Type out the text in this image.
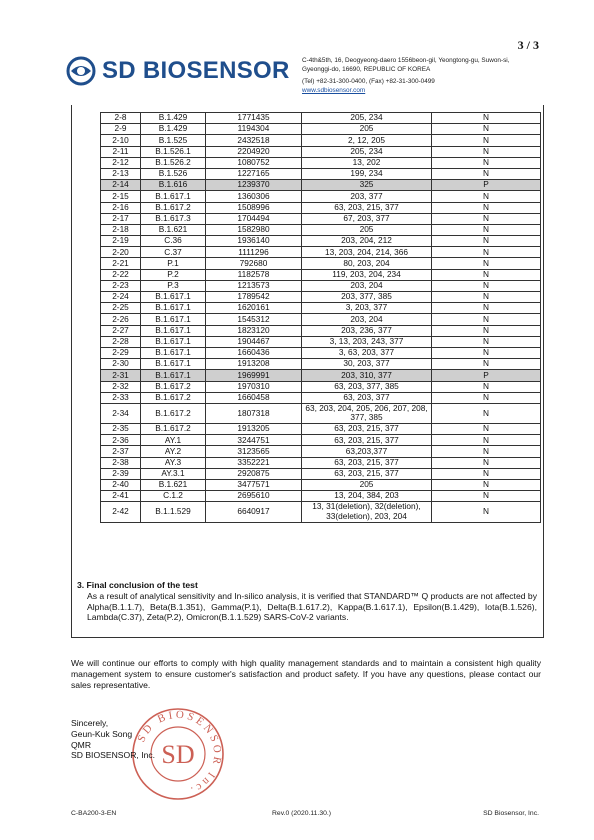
3 / 3
SD BIOSENSOR C-4th&5th, 16, Deogyeong-daero 1556beon-gil, Yeongtong-gu, Suwon-si,
Gyeonggi-do, 16690, REPUBLIC OF KOREA
(Tel) +82-31-300-0400, (Fax) +82-31-300-0499
www.sdbiosensor.com
2-8	B.1.429	1771435	205, 234	N
2-9	B.1.429	1194304	205	N
2-10	B.1.525	2432518	2, 12, 205	N
2-11	B.1.526.1	2204920	205, 234	N
2-12	B.1.526.2	1080752	13, 202	N
2-13	B.1.526	1227165	199, 234	N
2-14	B.1.616	1239370	325	P
2-15	B.1.617.1	1360306	203, 377	N
2-16	B.1.617.2	1508996	63, 203, 215, 377	N
2-17	B.1.617.3	1704494	67, 203, 377	N
2-18	B.1.621	1582980	205	N
2-19	C.36	1936140	203, 204, 212	N
2-20	C.37	1111296	13, 203, 204, 214, 366	N
2-21	P.1	792680	80, 203, 204	N
2-22	P.2	1182578	119, 203, 204, 234	N
2-23	P.3	1213573	203, 204	N
2-24	B.1.617.1	1789542	203, 377, 385	N
2-25	B.1.617.1	1620161	3, 203, 377	N
2-26	B.1.617.1	1545312	203, 204	N
2-27	B.1.617.1	1823120	203, 236, 377	N
2-28	B.1.617.1	1904467	3, 13, 203, 243, 377	N
2-29	B.1.617.1	1660436	3, 63, 203, 377	N
2-30	B.1.617.1	1913208	30, 203, 377	N
2-31	B.1.617.1	1969991	203, 310, 377	P
2-32	B.1.617.2	1970310	63, 203, 377, 385	N
2-33	B.1.617.2	1660458	63, 203, 377	N
2-34	B.1.617.2	1807318	63, 203, 204, 205, 206, 207, 208, 377, 385	N
2-35	B.1.617.2	1913205	63, 203, 215, 377	N
2-36	AY.1	3244751	63, 203, 215, 377	N
2-37	AY.2	3123565	63,203,377	N
2-38	AY.3	3352221	63, 203, 215, 377	N
2-39	AY.3.1	2920875	63, 203, 215, 377	N
2-40	B.1.621	3477571	205	N
2-41	C.1.2	2695610	13, 204, 384, 203	N
2-42	B.1.1.529	6640917	13, 31(deletion), 32(deletion), 33(deletion), 203, 204	N
3. Final conclusion of the test
As a result of analytical sensitivity and In-silico analysis, it is verified that STANDARD™ Q products are not affected by Alpha(B.1.1.7), Beta(B.1.351), Gamma(P.1), Delta(B.1.617.2), Kappa(B.1.617.1), Epsilon(B.1.429), Iota(B.1.526), Lambda(C.37), Zeta(P.2), Omicron(B.1.1.529) SARS-CoV-2 variants.
We will continue our efforts to comply with high quality management standards and to maintain a consistent high quality management system to ensure customer's satisfaction and product safety. If you have any questions, please contact our sales representative.
SD BIOSENSOR Inc.
SD
Sincerely,
Geun-Kuk Song
QMR
SD BIOSENSOR, Inc.
C-BA200-3-EN	Rev.0 (2020.11.30.)	SD Biosensor, Inc.
